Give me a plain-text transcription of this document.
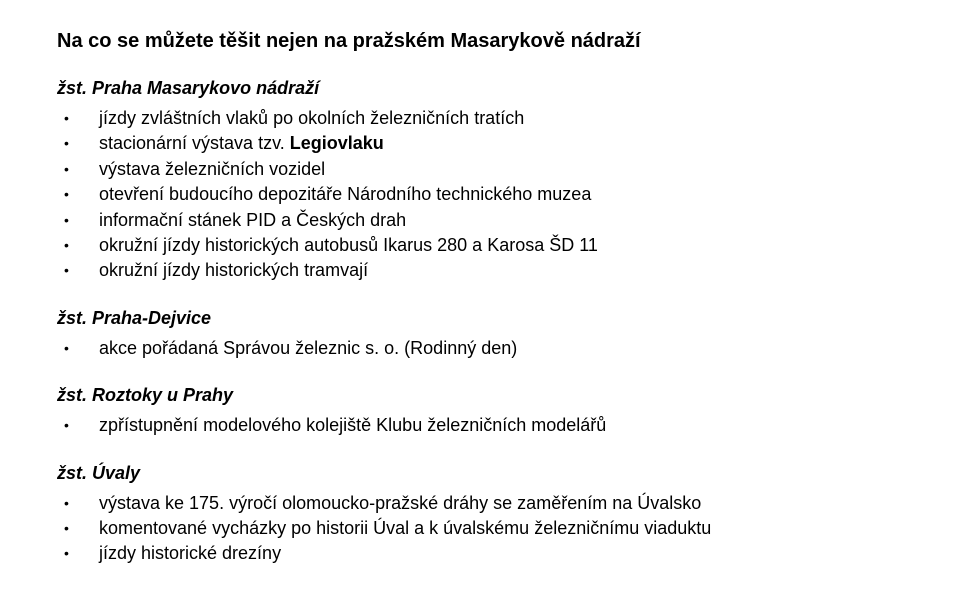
Na co se můžete těšit nejen na pražském Masarykově nádraží
žst. Praha Masarykovo nádraží
• jízdy zvláštních vlaků po okolních železničních tratích
• stacionární výstava tzv. Legiovlaku
• výstava železničních vozidel
• otevření budoucího depozitáře Národního technického muzea
• informační stánek PID a Českých drah
• okružní jízdy historických autobusů Ikarus 280 a Karosa ŠD 11
• okružní jízdy historických tramvají
žst. Praha-Dejvice
• akce pořádaná Správou železnic s. o. (Rodinný den)
žst. Roztoky u Prahy
• zpřístupnění modelového kolejiště Klubu železničních modelářů
žst. Úvaly
• výstava ke 175. výročí olomoucko-pražské dráhy se zaměřením na Úvalsko
• komentované vycházky po historii Úval a k úvalskému železničnímu viaduktu
• jízdy historické drezíny
